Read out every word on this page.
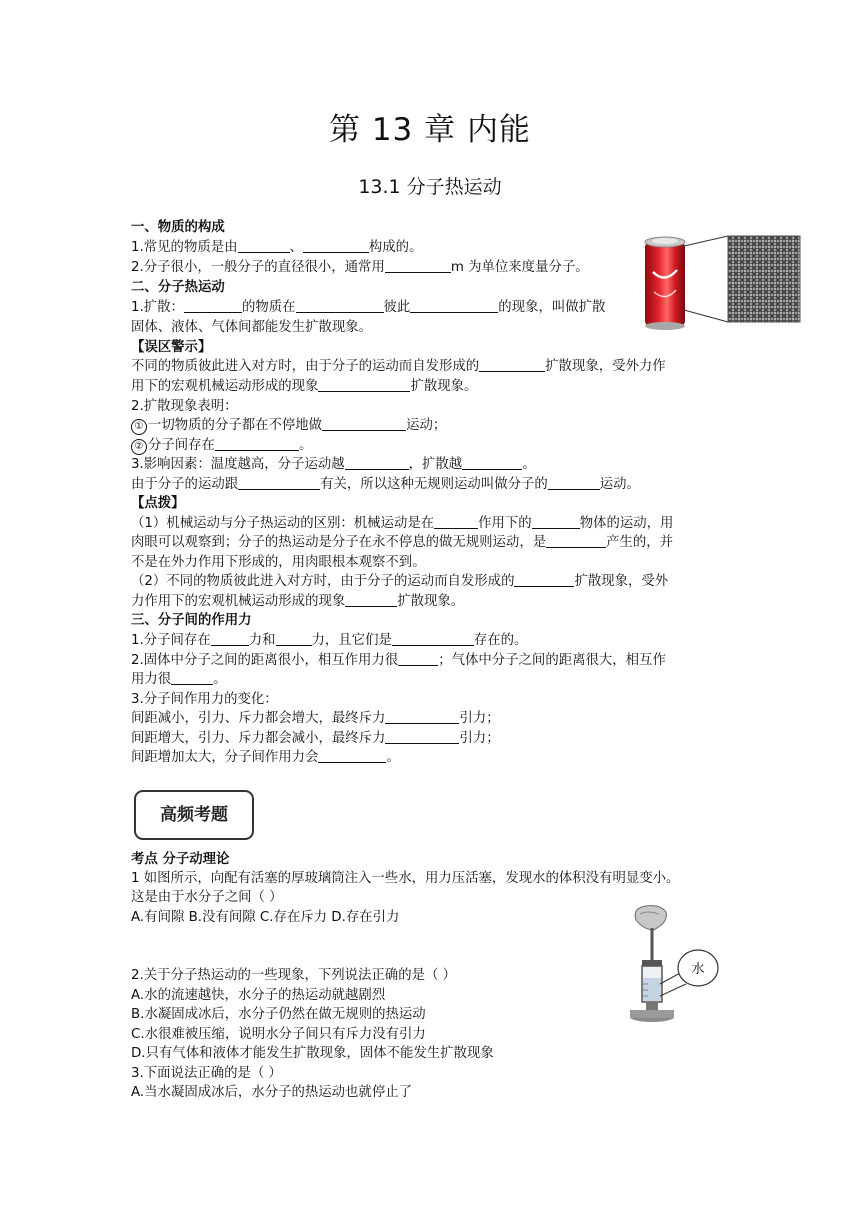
第 13 章 内能
13.1 分子热运动
一、物质的构成
1.常见的物质是由	、	构成的。
2.分子很小，一般分子的直径很小，通常用	m 为单位来度量分子。
二、分子热运动
1.扩散：	的物质在	彼此	的现象，叫做扩散
固体、液体、气体间都能发生扩散现象。
【误区警示】
不同的物质彼此进入对方时，由于分子的运动而自发形成的	扩散现象，受外力作
用下的宏观机械运动形成的现象	扩散现象。
2.扩散现象表明：
① 一切物质的分子都在不停地做	运动；
② 分子间存在	。
3.影响因素：温度越高，分子运动越	，扩散越	。
由于分子的运动跟	有关，所以这种无规则运动叫做分子的	运动。
【点拨】
（1）机械运动与分子热运动的区别：机械运动是在	作用下的	物体的运动，用
肉眼可以观察到；分子的热运动是分子在永不停息的做无规则运动，是	产生的，并
不是在外力作用下形成的，用肉眼根本观察不到。
（2）不同的物质彼此进入对方时，由于分子的运动而自发形成的	扩散现象，受外
力作用下的宏观机械运动形成的现象	扩散现象。
三、分子间的作用力
1.分子间存在	力和	力，且它们是	存在的。
2.固体中分子之间的距离很小，相互作用力很	；气体中分子之间的距离很大，相互作
用力很	。
3.分子间作用力的变化：
间距减小，引力、斥力都会增大，最终斥力	引力；
间距增大，引力、斥力都会减小，最终斥力	引力；
间距增加太大，分子间作用力会	。
高频考题
考点 分子动理论
1 如图所示，向配有活塞的厚玻璃筒注入一些水，用力压活塞，发现水的体积没有明显变小。
这是由于水分子之间（ ）
A.有间隙 B.没有间隙 C.存在斥力 D.存在引力
2.关于分子热运动的一些现象，下列说法正确的是（ ）
A.水的流速越快，水分子的热运动就越剧烈
B.水凝固成冰后，水分子仍然在做无规则的热运动
C.水很难被压缩，说明水分子间只有斥力没有引力
D.只有气体和液体才能发生扩散现象，固体不能发生扩散现象
3.下面说法正确的是（ ）
A.当水凝固成冰后，水分子的热运动也就停止了
水
